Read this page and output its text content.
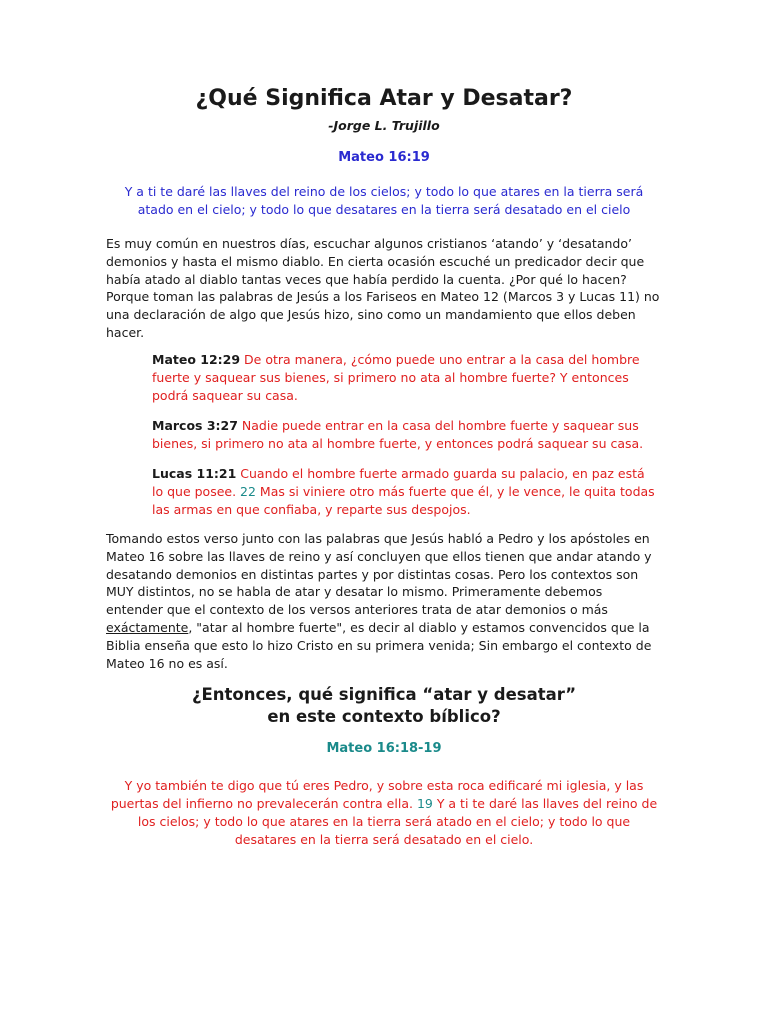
¿Qué Significa Atar y Desatar?
-Jorge L. Trujillo
Mateo 16:19
Y a ti te daré las llaves del reino de los cielos; y todo lo que atares en la tierra será atado en el cielo; y todo lo que desatares en la tierra será desatado en el cielo
Es muy común en nuestros días, escuchar algunos cristianos ‘atando’ y ‘desatando’ demonios y hasta el mismo diablo. En cierta ocasión escuché un predicador decir que había atado al diablo tantas veces que había perdido la cuenta. ¿Por qué lo hacen? Porque toman las palabras de Jesús a los Fariseos en Mateo 12 (Marcos 3 y Lucas 11) no una declaración de algo que Jesús hizo, sino como un mandamiento que ellos deben hacer.
Mateo 12:29 De otra manera, ¿cómo puede uno entrar a la casa del hombre fuerte y saquear sus bienes, si primero no ata al hombre fuerte? Y entonces podrá saquear su casa.
Marcos 3:27 Nadie puede entrar en la casa del hombre fuerte y saquear sus bienes, si primero no ata al hombre fuerte, y entonces podrá saquear su casa.
Lucas 11:21 Cuando el hombre fuerte armado guarda su palacio, en paz está lo que posee. 22 Mas si viniere otro más fuerte que él, y le vence, le quita todas las armas en que confiaba, y reparte sus despojos.
Tomando estos verso junto con las palabras que Jesús habló a Pedro y los apóstoles en Mateo 16 sobre las llaves de reino y así concluyen que ellos tienen que andar atando y desatando demonios en distintas partes y por distintas cosas. Pero los contextos son MUY distintos, no se habla de atar y desatar lo mismo. Primeramente debemos entender que el contexto de los versos anteriores trata de atar demonios o más exáctamente, "atar al hombre fuerte", es decir al diablo y estamos convencidos que la Biblia enseña que esto lo hizo Cristo en su primera venida; Sin embargo el contexto de Mateo 16 no es así.
¿Entonces, qué significa “atar y desatar”
en este contexto bíblico?
Mateo 16:18-19
Y yo también te digo que tú eres Pedro, y sobre esta roca edificaré mi iglesia, y las puertas del infierno no prevalecerán contra ella. 19 Y a ti te daré las llaves del reino de los cielos; y todo lo que atares en la tierra será atado en el cielo; y todo lo que desatares en la tierra será desatado en el cielo.
